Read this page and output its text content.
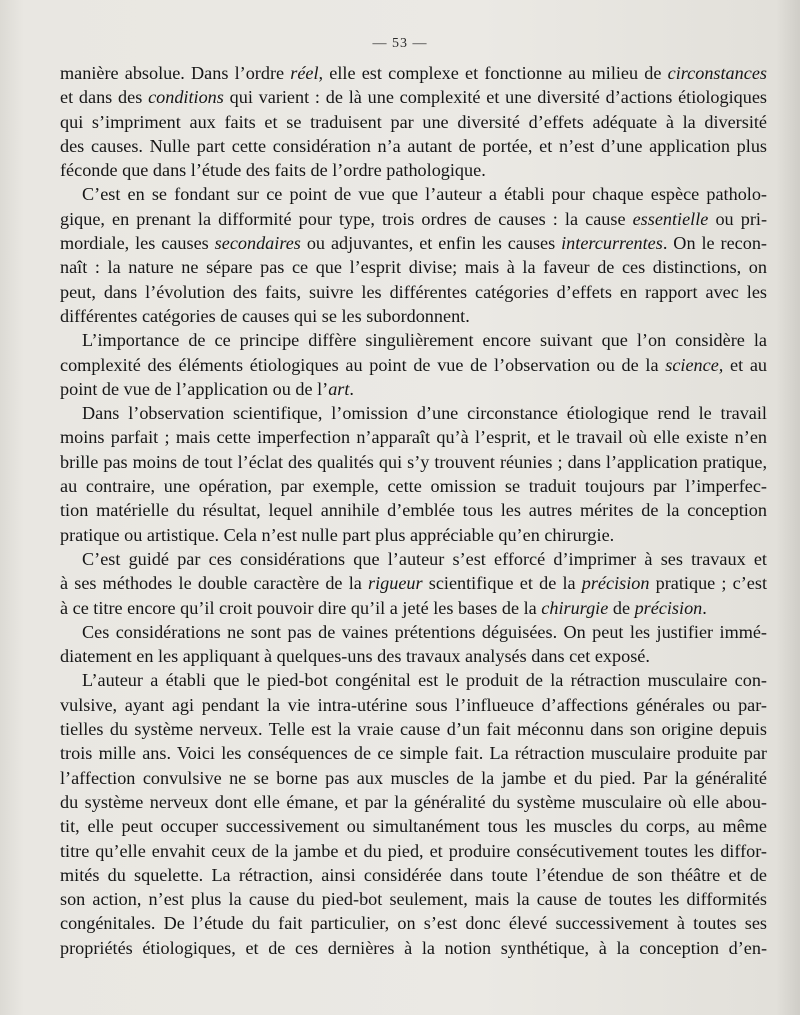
— 53 —
manière absolue. Dans l’ordre réel, elle est complexe et fonctionne au milieu de circonstances
et dans des conditions qui varient : de là une complexité et une diversité d’actions étiologiques
qui s’impriment aux faits et se traduisent par une diversité d’effets adéquate à la diversité
des causes. Nulle part cette considération n’a autant de portée, et n’est d’une application plus
féconde que dans l’étude des faits de l’ordre pathologique.
C’est en se fondant sur ce point de vue que l’auteur a établi pour chaque espèce patholo-
gique, en prenant la difformité pour type, trois ordres de causes : la cause essentielle ou pri-
mordiale, les causes secondaires ou adjuvantes, et enfin les causes intercurrentes. On le recon-
naît : la nature ne sépare pas ce que l’esprit divise; mais à la faveur de ces distinctions, on
peut, dans l’évolution des faits, suivre les différentes catégories d’effets en rapport avec les
différentes catégories de causes qui se les subordonnent.
L’importance de ce principe diffère singulièrement encore suivant que l’on considère la
complexité des éléments étiologiques au point de vue de l’observation ou de la science, et au
point de vue de l’application ou de l’art.
Dans l’observation scientifique, l’omission d’une circonstance étiologique rend le travail
moins parfait ; mais cette imperfection n’apparaît qu’à l’esprit, et le travail où elle existe n’en
brille pas moins de tout l’éclat des qualités qui s’y trouvent réunies ; dans l’application pratique,
au contraire, une opération, par exemple, cette omission se traduit toujours par l’imperfec-
tion matérielle du résultat, lequel annihile d’emblée tous les autres mérites de la conception
pratique ou artistique. Cela n’est nulle part plus appréciable qu’en chirurgie.
C’est guidé par ces considérations que l’auteur s’est efforcé d’imprimer à ses travaux et
à ses méthodes le double caractère de la rigueur scientifique et de la précision pratique ; c’est
à ce titre encore qu’il croit pouvoir dire qu’il a jeté les bases de la chirurgie de précision.
Ces considérations ne sont pas de vaines prétentions déguisées. On peut les justifier immé-
diatement en les appliquant à quelques-uns des travaux analysés dans cet exposé.
L’auteur a établi que le pied-bot congénital est le produit de la rétraction musculaire con-
vulsive, ayant agi pendant la vie intra-utérine sous l’influeuce d’affections générales ou par-
tielles du système nerveux. Telle est la vraie cause d’un fait méconnu dans son origine depuis
trois mille ans. Voici les conséquences de ce simple fait. La rétraction musculaire produite par
l’affection convulsive ne se borne pas aux muscles de la jambe et du pied. Par la généralité
du système nerveux dont elle émane, et par la généralité du système musculaire où elle abou-
tit, elle peut occuper successivement ou simultanément tous les muscles du corps, au même
titre qu’elle envahit ceux de la jambe et du pied, et produire consécutivement toutes les diffor-
mités du squelette. La rétraction, ainsi considérée dans toute l’étendue de son théâtre et de
son action, n’est plus la cause du pied-bot seulement, mais la cause de toutes les difformités
congénitales. De l’étude du fait particulier, on s’est donc élevé successivement à toutes ses
propriétés étiologiques, et de ces dernières à la notion synthétique, à la conception d’en-
